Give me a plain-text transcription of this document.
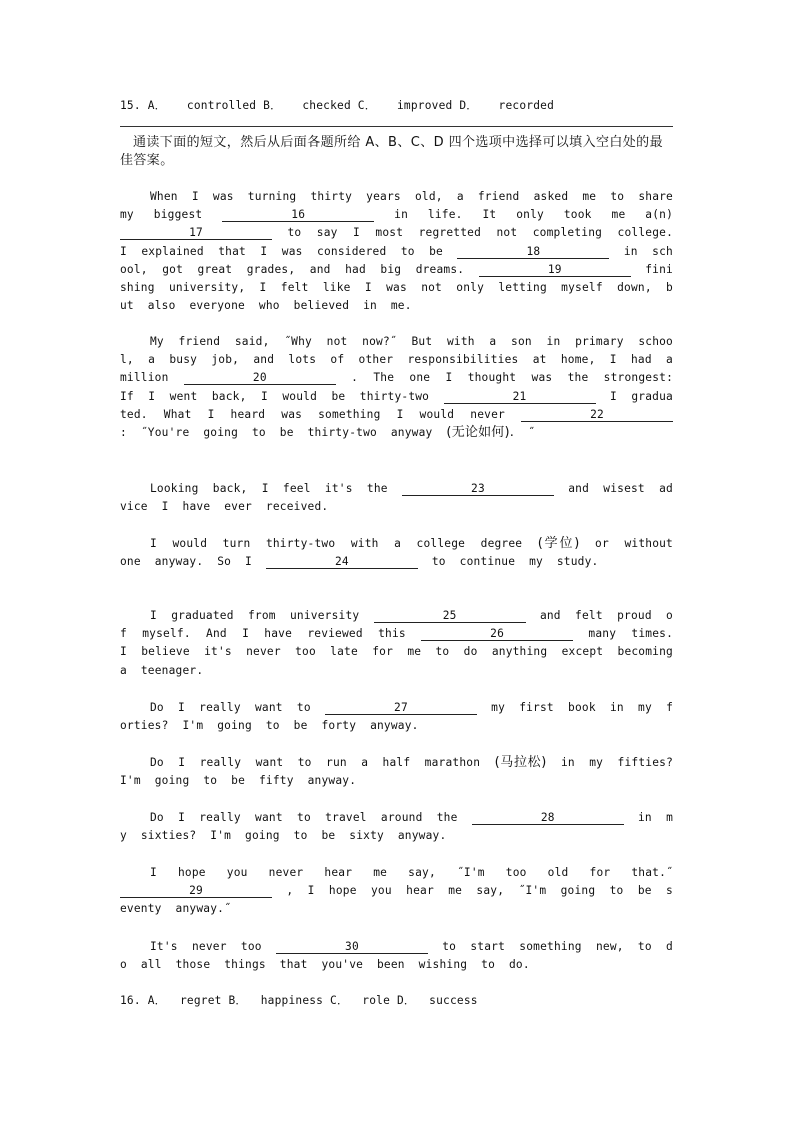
15. A． controlled B． checked C． improved D． recorded
通读下面的短文，然后从后面各题所给 A、B、C、D 四个选项中选择可以填入空白处的最佳答案。
When I was turning thirty years old, a friend asked me to share my biggest	16	in life. It only took me a(n) 17	to say I most regretted not completing college. I explained that I was considered to be	18	in school, got great grades, and had big dreams.	19	finishing university, I felt like I was not only letting myself down, but also everyone who believed in me.
My friend said, ˝Why not now?˝ But with a son in primary school, a busy job, and lots of other responsibilities at home, I had a million	20	. The one I thought was the strongest: If I went back, I would be thirty-two	21	I graduated. What I heard was something I would never	22 : ˝You're going to be thirty-two anyway (无论如何). ˝
Looking back, I feel it's the	23	and wisest advice I have ever received.
I would turn thirty-two with a college degree (学位) or without one anyway. So I	24	to continue my study.
I graduated from university	25	and felt proud of myself. And I have reviewed this	26	many times. I believe it's never too late for me to do anything except becoming a teenager.
Do I really want to	27	my first book in my forties? I'm going to be forty anyway.
Do I really want to run a half marathon (马拉松) in my fifties? I'm going to be fifty anyway.
Do I really want to travel around the	28	in my sixties? I'm going to be sixty anyway.
I hope you never hear me say, ˝I'm too old for that.˝ 29	, I hope you hear me say, ˝I'm going to be seventy anyway.˝
It's never too	30	to start something new, to do all those things that you've been wishing to do.
16. A． regret B． happiness C． role D． success
